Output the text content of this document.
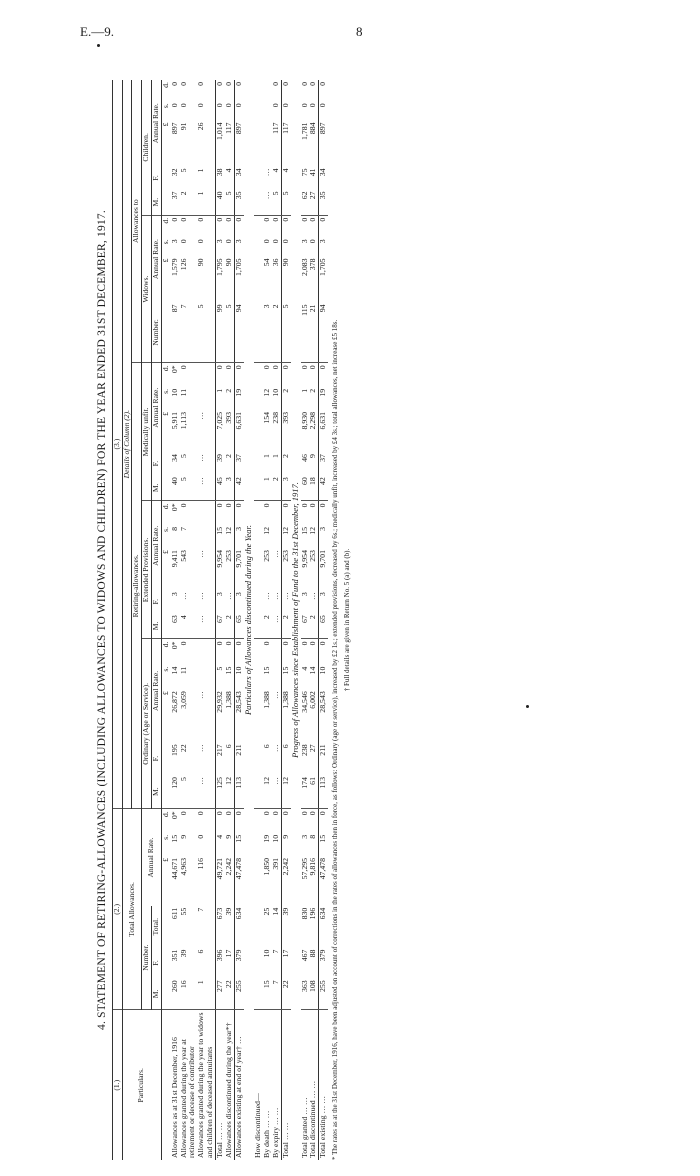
E.—9.	8
4. STATEMENT OF RETIRING-ALLOWANCES (INCLUDING ALLOWANCES TO WIDOWS AND CHILDREN) FOR THE YEAR ENDED 31ST DECEMBER, 1917.
(1.)	(2.)						(3.)																							
Particulars.	Total Allowances.						Details of Column (2).																							
							Retiring-allowances.															Allowances to								
	Number.			Annual Rate.			Ordinary (Age or Service).					Extended Provisions.					Medically unfit.					Widows.				Children.				
	M.	F.	Total.				M.	F.	Annual Rate.			M.	F.	Annual Rate.			M.	F.	Annual Rate.			Number.	Annual Rate.			M.	F.	Annual Rate.		
				£	s.	d.			£	s.	d.			£	s.	d.			£	s.	d.		£	s.	d.			£	s.	d.
Allowances as at 31st December, 1916	260	351	611	44,671	15	0*	120	195	26,872	14	0*	63	3	9,411	8	0*	40	34	5,911	10	0*	87	1,579	3	0	37	32	897	0	0
Allowances granted during the year at retirement or decease of contributor	16	39	55	4,963	9	0	5	22	3,059	11	0	4	…	543	7	0	5	5	1,113	11	0	7	126	0	0	2	5	91	0	0
Allowances granted during the year to widows and children of deceased annuitants	1	6	7	116	0	0	…	…	…			…	…	…			…	…	…			5	90	0	0	1	1	26	0	0
Total … …	277	396	673	49,721	4	0	125	217	29,932	5	0	67	3	9,954	15	0	45	39	7,025	1	0	99	1,795	3	0	40	38	1,014	0	0
Allowances discontinued during the year*†	22	17	39	2,242	9	0	12	6	1,388	15	0	2	…	253	12	0	3	2	393	2	0	5	90	0	0	5	4	117	0	0
Allowances existing at end of year† …	255	379	634	47,478	15	0	113	211	28,543	10	0	65	3	9,701	3	0	42	37	6,631	19	0	94	1,705	3	0	35	34	897	0	0
Particulars of Allowances discontinued during the Year.																														
How discontinued—																														
By death … …	15	10	25	1,850	19	0	12	6	1,388	15	0	2	…	253	12	0	1	1	154	12	0	3	54	0	0	…	…			
By expiry … …	7	7	14	391	10	0	…	…	…			…	…	…			2	1	238	10	0	2	36	0	0	5	4	117	0	0
Total … …	22	17	39	2,242	9	0	12	6	1,388	15	0	2	…	253	12	0	3	2	393	2	0	5	90	0	0	5	4	117	0	0
Progress of Allowances since Establishment of Fund to the 31st December, 1917.																														
Total granted … …	363	467	830	57,295	3	0	174	238	34,546	4	0	67	3	9,954	15	0	60	46	8,930	1	0	115	2,083	3	0	62	75	1,781	0	0
Total discontinued … …	108	88	196	9,816	8	0	61	27	6,002	14	0	2	…	253	12	0	18	9	2,298	2	0	21	378	0	0	27	41	884	0	0
Total existing … …	255	379	634	47,478	15	0	113	211	28,543	10	0	65	3	9,701	3	0	42	37	6,631	19	0	94	1,705	3	0	35	34	897	0	0
* The rates as at the 31st December, 1916, have been adjusted on account of corrections in the rates of allowances then in force, as follows: Ordinary (age or service), increased by £2 1s.; extended provisions, decreased by 6s.; medically unfit, increased by £4 3s.; total allowances, net increase £5 18s. † Full details are given in Return No. 5 (a) and (b).
